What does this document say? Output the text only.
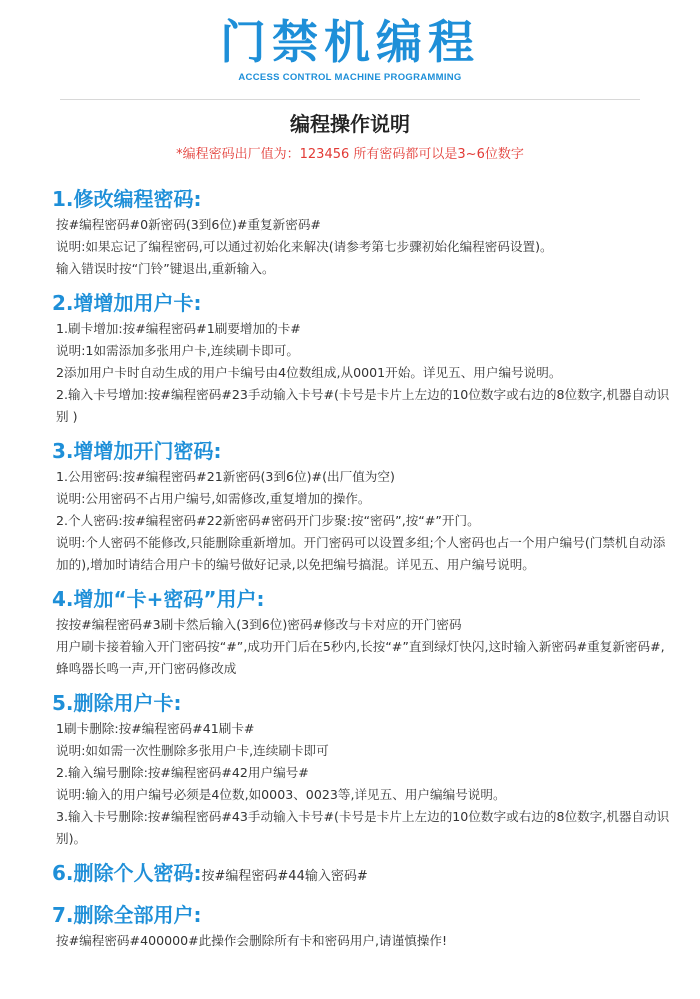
门禁机编程
ACCESS CONTROL MACHINE PROGRAMMING
编程操作说明
*编程密码出厂值为：123456 所有密码都可以是3~6位数字
1.修改编程密码:
按#编程密码#0新密码(3到6位)#重复新密码#
说明:如果忘记了编程密码,可以通过初始化来解决(请参考第七步骤初始化编程密码设置)。
输入错误时按“门铃”键退出,重新输入。
2.增增加用户卡:
1.刷卡增加:按#编程密码#1刷要增加的卡#
说明:1如需添加多张用户卡,连续刷卡即可。
2添加用户卡时自动生成的用户卡编号由4位数组成,从0001开始。详见五、用户编号说明。
2.输入卡号增加:按#编程密码#23手动输入卡号#(卡号是卡片上左边的10位数字或右边的8位数字,机器自动识别 )
3.增增加开门密码:
1.公用密码:按#编程密码#21新密码(3到6位)#(出厂值为空)
说明:公用密码不占用户编号,如需修改,重复增加的操作。
2.个人密码:按#编程密码#22新密码#密码开门步聚:按“密码”,按“#”开门。
说明:个人密码不能修改,只能删除重新增加。开门密码可以设置多组;个人密码也占一个用户编号(门禁机自动添加的),增加时请结合用户卡的编号做好记录,以免把编号搞混。详见五、用户编号说明。
4.增加“卡+密码”用户:
按按#编程密码#3刷卡然后输入(3到6位)密码#修改与卡对应的开门密码
用户刷卡接着输入开门密码按“#”,成功开门后在5秒内,长按“#”直到绿灯快闪,这时输入新密码#重复新密码#,蜂鸣器长鸣一声,开门密码修改成
5.删除用户卡:
1刷卡删除:按#编程密码#41刷卡#
说明:如如需一次性删除多张用户卡,连续刷卡即可
2.输入编号删除:按#编程密码#42用户编号#
说明:输入的用户编号必须是4位数,如0003、0023等,详见五、用户编编号说明。
3.输入卡号删除:按#编程密码#43手动输入卡号#(卡号是卡片上左边的10位数字或右边的8位数字,机器自动识别)。
6.删除个人密码:按#编程密码#44输入密码#
7.删除全部用户:
按#编程密码#400000#此操作会删除所有卡和密码用户,请谨慎操作!
